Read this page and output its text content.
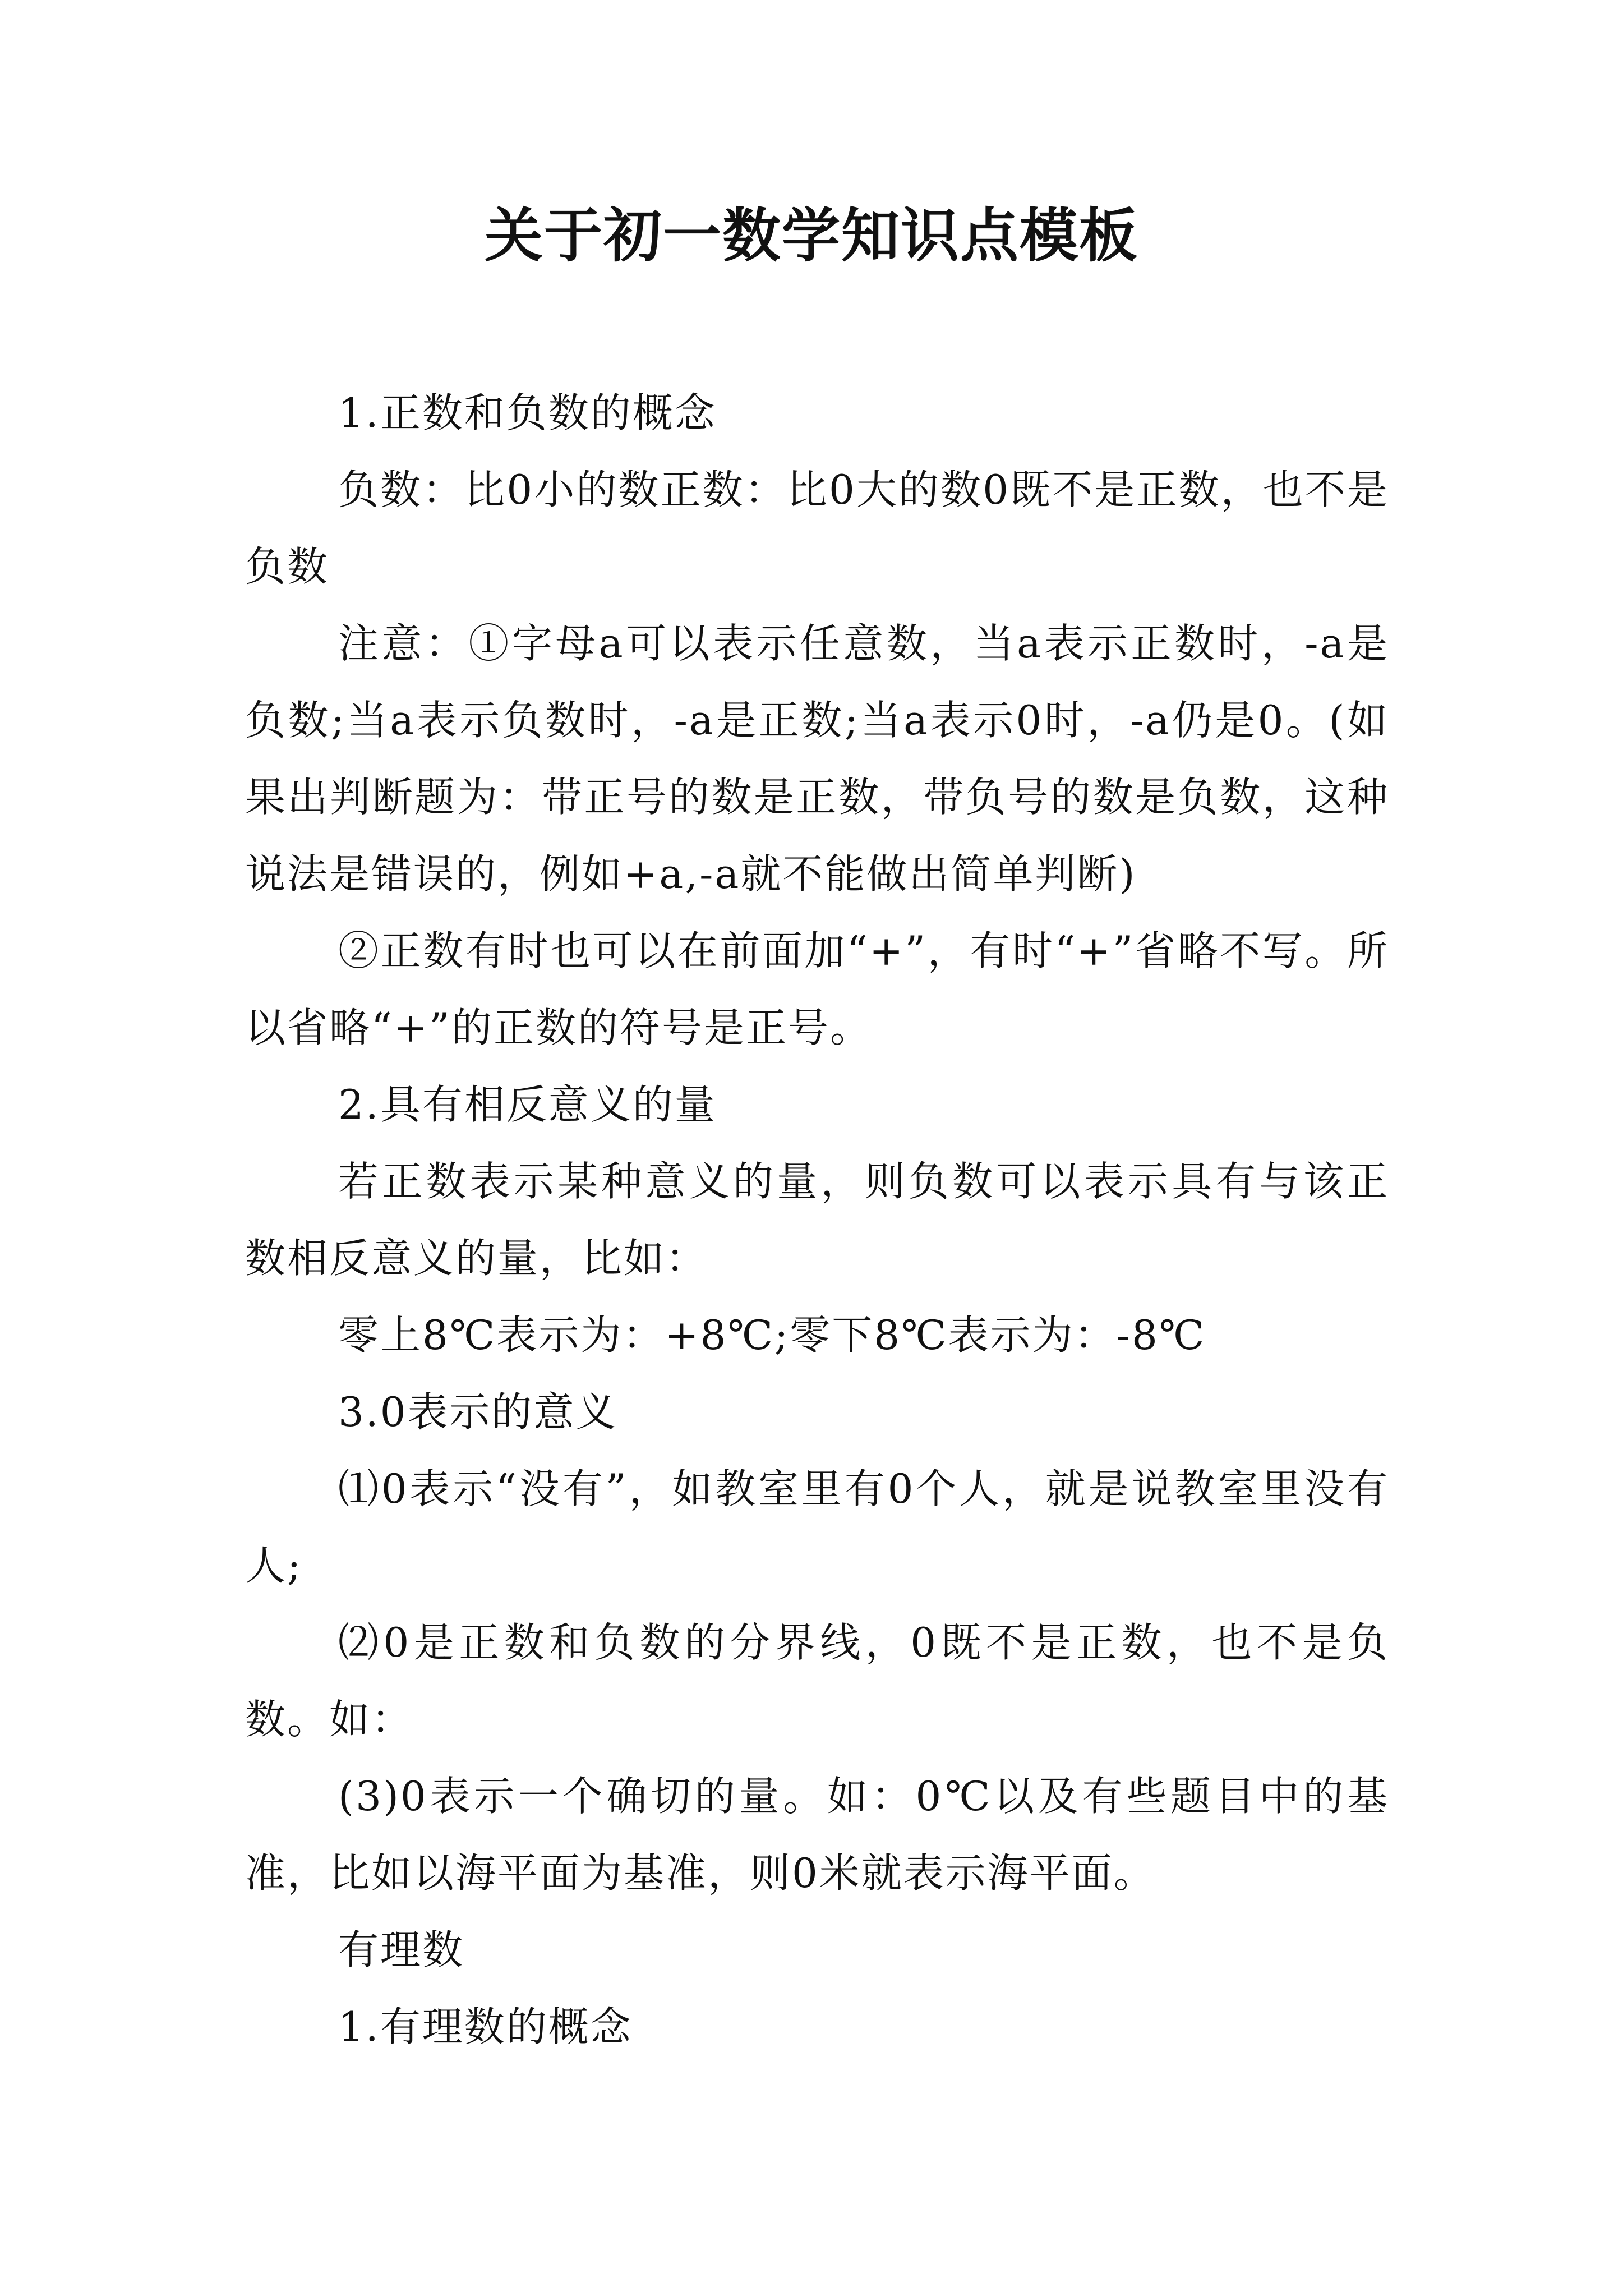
关于初一数学知识点模板

1.正数和负数的概念

负数：比0小的数正数：比0大的数0既不是正数，也不是负数

注意：①字母a可以表示任意数，当a表示正数时，-a是负数;当a表示负数时，-a是正数;当a表示0时，-a仍是0。(如果出判断题为：带正号的数是正数，带负号的数是负数，这种说法是错误的，例如+a,-a就不能做出简单判断)

②正数有时也可以在前面加“+”，有时“+”省略不写。所以省略“+”的正数的符号是正号。

2.具有相反意义的量

若正数表示某种意义的量，则负数可以表示具有与该正数相反意义的量，比如：

零上8℃表示为：+8℃;零下8℃表示为：-8℃

3.0表示的意义

⑴0表示“没有”，如教室里有0个人，就是说教室里没有人;

⑵0是正数和负数的分界线，0既不是正数，也不是负数。如：

(3)0表示一个确切的量。如：0℃以及有些题目中的基准，比如以海平面为基准，则0米就表示海平面。

有理数

1.有理数的概念
